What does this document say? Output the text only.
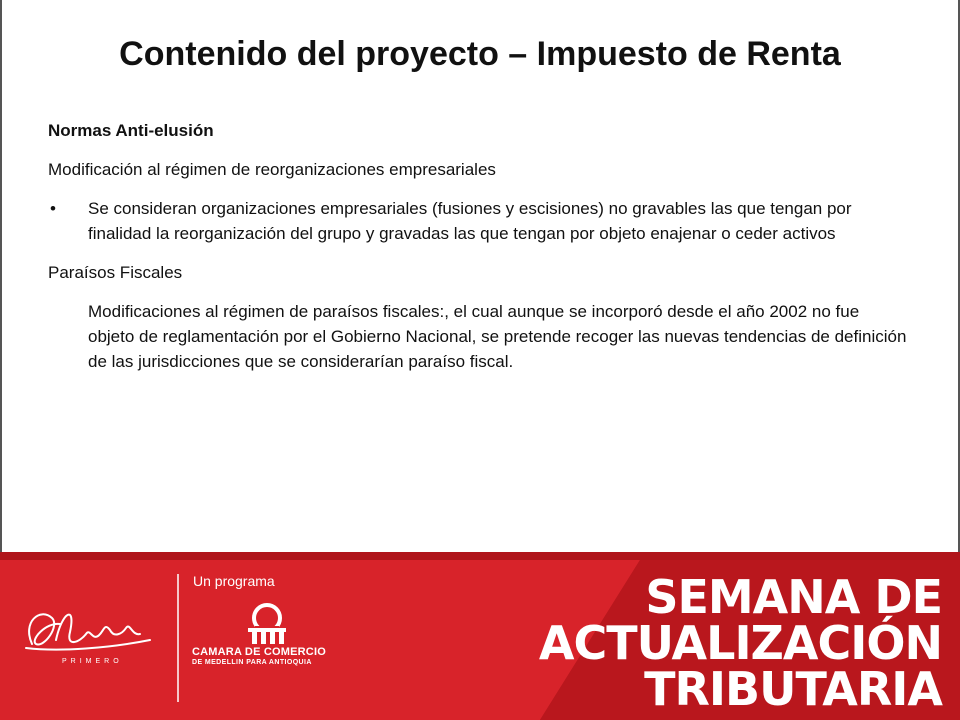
Contenido del proyecto – Impuesto de Renta

Normas Anti-elusión

Modificación al régimen de reorganizaciones empresariales

• Se consideran organizaciones empresariales (fusiones y escisiones) no gravables las que tengan por finalidad la reorganización del grupo y gravadas las que tengan por objeto enajenar o ceder activos

Paraísos Fiscales

Modificaciones al régimen de paraísos fiscales:, el cual aunque se incorporó desde el año 2002 no fue objeto de reglamentación por el Gobierno Nacional, se pretende recoger las nuevas tendencias de definición de las jurisdicciones que se considerarían paraíso fiscal.

Un programa
CAMARA DE COMERCIO
DE MEDELLIN PARA ANTIOQUIA
PRIMERO
SEMANA DE
ACTUALIZACIÓN
TRIBUTARIA
